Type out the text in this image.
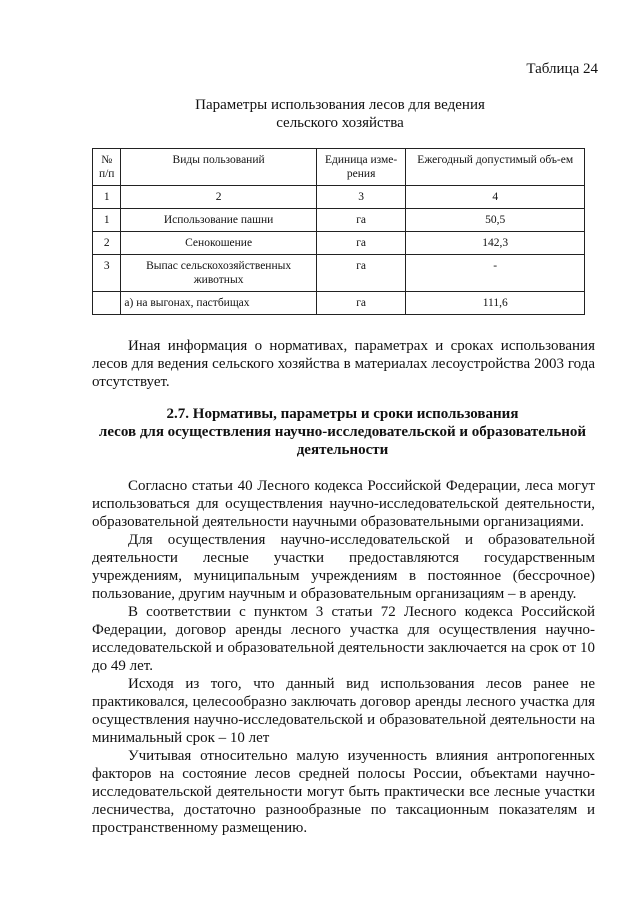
Таблица 24
Параметры использования лесов для ведения
сельского хозяйства
№ п/п	Виды пользований	Единица изме-рения	Ежегодный допустимый объ-ем
1	2	3	4
1	Использование пашни	га	50,5
2	Сенокошение	га	142,3
3	Выпас сельскохозяйственных животных	га	-
	а) на выгонах, пастбищах	га	111,6

Иная информация о нормативах, параметрах и сроках использования лесов для ведения сельского хозяйства в материалах лесоустройства 2003 года отсутствует.

2.7. Нормативы, параметры и сроки использования
лесов для осуществления научно-исследовательской и образовательной
деятельности

Согласно статьи 40 Лесного кодекса Российской Федерации, леса могут использоваться для осуществления научно-исследовательской деятельности, образовательной деятельности научными образовательными организациями.

Для осуществления научно-исследовательской и образовательной деятельности лесные участки предоставляются государственным учреждениям, муниципальным учреждениям в постоянное (бессрочное) пользование, другим научным и образовательным организациям – в аренду.

В соответствии с пунктом 3 статьи 72 Лесного кодекса Российской Федерации, договор аренды лесного участка для осуществления научно-исследовательской и образовательной деятельности заключается на срок от 10 до 49 лет.

Исходя из того, что данный вид использования лесов ранее не практиковался, целесообразно заключать договор аренды лесного участка для осуществления научно-исследовательской и образовательной деятельности на минимальный срок – 10 лет

Учитывая относительно малую изученность влияния антропогенных факторов на состояние лесов средней полосы России, объектами научно-исследовательской деятельности могут быть практически все лесные участки лесничества, достаточно разнообразные по таксационным показателям и пространственному размещению.
